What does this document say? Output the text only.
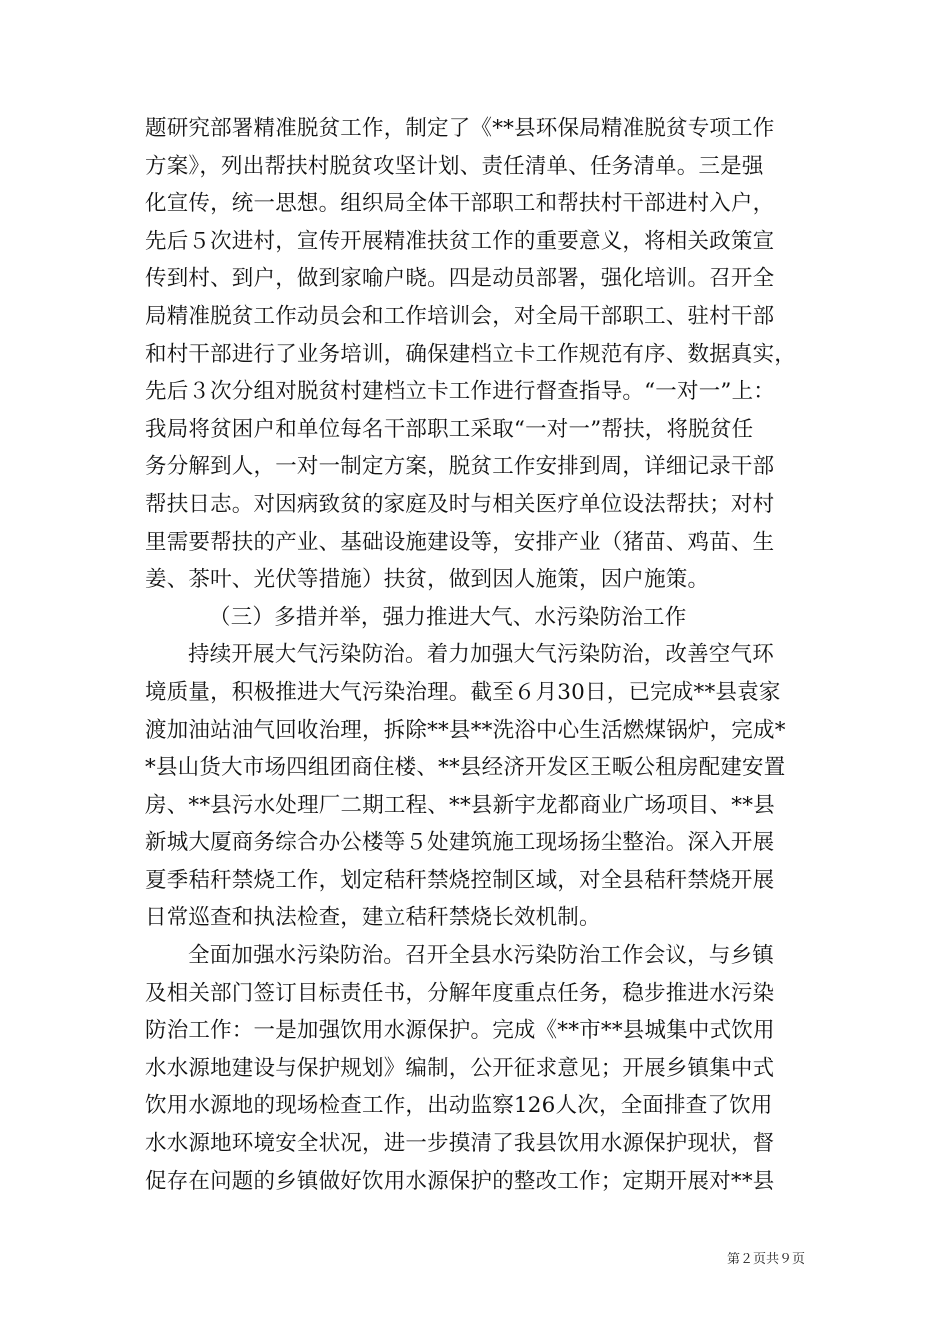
题研究部署精准脱贫工作，制定了《**县环保局精准脱贫专项工作
方案》，列出帮扶村脱贫攻坚计划、责任清单、任务清单。三是强
化宣传，统一思想。组织局全体干部职工和帮扶村干部进村入户，
先后５次进村，宣传开展精准扶贫工作的重要意义，将相关政策宣
传到村、到户，做到家喻户晓。四是动员部署，强化培训。召开全
局精准脱贫工作动员会和工作培训会，对全局干部职工、驻村干部
和村干部进行了业务培训，确保建档立卡工作规范有序、数据真实，
先后３次分组对脱贫村建档立卡工作进行督查指导。“一对一”上：
我局将贫困户和单位每名干部职工采取“一对一”帮扶，将脱贫任
务分解到人，一对一制定方案，脱贫工作安排到周，详细记录干部
帮扶日志。对因病致贫的家庭及时与相关医疗单位设法帮扶；对村
里需要帮扶的产业、基础设施建设等，安排产业（猪苗、鸡苗、生
姜、茶叶、光伏等措施）扶贫，做到因人施策，因户施策。
（三）多措并举，强力推进大气、水污染防治工作
持续开展大气污染防治。着力加强大气污染防治，改善空气环
境质量，积极推进大气污染治理。截至６月30日，已完成**县袁家
渡加油站油气回收治理，拆除**县**洗浴中心生活燃煤锅炉，完成*
*县山货大市场四组团商住楼、**县经济开发区王畈公租房配建安置
房、**县污水处理厂二期工程、**县新宇龙都商业广场项目、**县
新城大厦商务综合办公楼等５处建筑施工现场扬尘整治。深入开展
夏季秸秆禁烧工作，划定秸秆禁烧控制区域，对全县秸秆禁烧开展
日常巡查和执法检查，建立秸秆禁烧长效机制。
全面加强水污染防治。召开全县水污染防治工作会议，与乡镇
及相关部门签订目标责任书，分解年度重点任务，稳步推进水污染
防治工作：一是加强饮用水源保护。完成《**市**县城集中式饮用
水水源地建设与保护规划》编制，公开征求意见；开展乡镇集中式
饮用水源地的现场检查工作，出动监察126人次，全面排查了饮用
水水源地环境安全状况，进一步摸清了我县饮用水源保护现状，督
促存在问题的乡镇做好饮用水源保护的整改工作；定期开展对**县
第２页共９页
